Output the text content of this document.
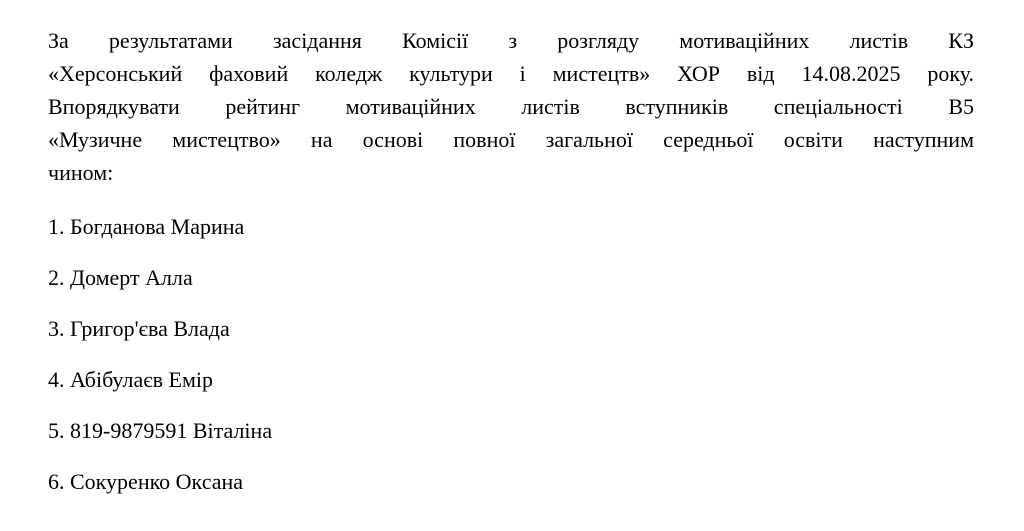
За результатами засідання Комісії з розгляду мотиваційних листів КЗ
«Херсонський фаховий коледж культури і мистецтв» ХОР від 14.08.2025 року.
Впорядкувати рейтинг мотиваційних листів вступників спеціальності В5
«Музичне мистецтво» на основі повної загальної середньої освіти наступним
чином:

1. Богданова Марина
2. Домерт Алла
3. Григор'єва Влада
4. Абібулаєв Емір
5. 819-9879591 Віталіна
6. Сокуренко Оксана
